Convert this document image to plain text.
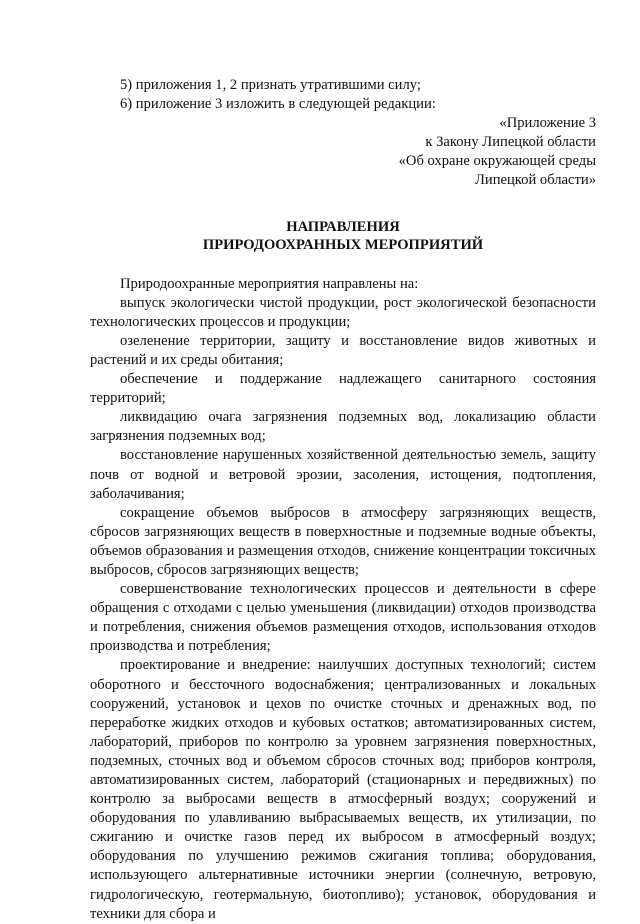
5) приложения 1, 2 признать утратившими силу;

6) приложение 3 изложить в следующей редакции:

«Приложение 3
к Закону Липецкой области
«Об охране окружающей среды
Липецкой области»
НАПРАВЛЕНИЯ
ПРИРОДООХРАННЫХ МЕРОПРИЯТИЙ

Природоохранные мероприятия направлены на:

выпуск экологически чистой продукции, рост экологической безопасности технологических процессов и продукции;

озеленение территории, защиту и восстановление видов животных и растений и их среды обитания;

обеспечение и поддержание надлежащего санитарного состояния территорий;

ликвидацию очага загрязнения подземных вод, локализацию области загрязнения подземных вод;

восстановление нарушенных хозяйственной деятельностью земель, защиту почв от водной и ветровой эрозии, засоления, истощения, подтопления, заболачивания;

сокращение объемов выбросов в атмосферу загрязняющих веществ, сбросов загрязняющих веществ в поверхностные и подземные водные объекты, объемов образования и размещения отходов, снижение концентрации токсичных выбросов, сбросов загрязняющих веществ;

совершенствование технологических процессов и деятельности в сфере обращения с отходами с целью уменьшения (ликвидации) отходов производства и потребления, снижения объемов размещения отходов, использования отходов производства и потребления;

проектирование и внедрение: наилучших доступных технологий; систем оборотного и бессточного водоснабжения; централизованных и локальных сооружений, установок и цехов по очистке сточных и дренажных вод, по переработке жидких отходов и кубовых остатков; автоматизированных систем, лабораторий, приборов по контролю за уровнем загрязнения поверхностных, подземных, сточных вод и объемом сбросов сточных вод; приборов контроля, автоматизированных систем, лабораторий (стационарных и передвижных) по контролю за выбросами веществ в атмосферный воздух; сооружений и оборудования по улавливанию выбрасываемых веществ, их утилизации, по сжиганию и очистке газов перед их выбросом в атмосферный воздух; оборудования по улучшению режимов сжигания топлива; оборудования, использующего альтернативные источники энергии (солнечную, ветровую, гидрологическую, геотермальную, биотопливо); установок, оборудования и техники для сбора и
